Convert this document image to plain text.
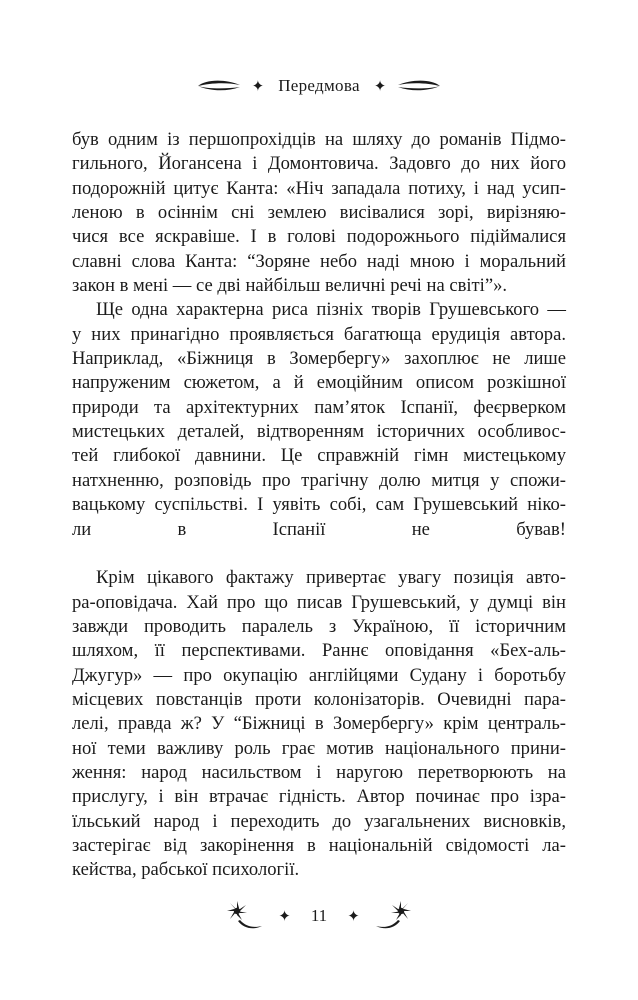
✦ Передмова ✦
був одним із першопрохідців на шляху до романів Підмо-
гильного, Йогансена і Домонтовича. Задовго до них його
подорожній цитує Канта: «Ніч западала потиху, і над усип-
леною в осіннім сні землею висівалися зорі, вирізняю-
чися все яскравіше. І в голові подорожнього підіймалися
славні слова Канта: “Зоряне небо наді мною і моральний
закон в мені — се дві найбільш величні речі на світі”».
Ще одна характерна риса пізніх творів Грушевського —
у них принагідно проявляється багатюща ерудиція автора.
Наприклад, «Біжниця в Зомербергу» захоплює не лише
напруженим сюжетом, а й емоційним описом розкішної
природи та архітектурних пам’яток Іспанії, феєрверком
мистецьких деталей, відтворенням історичних особливос-
тей глибокої давнини. Це справжній гімн мистецькому
натхненню, розповідь про трагічну долю митця у спожи-
вацькому суспільстві. І уявіть собі, сам Грушевський ніко-
ли в Іспанії не бував!
Крім цікавого фактажу привертає увагу позиція авто-
ра-оповідача. Хай про що писав Грушевський, у думці він
завжди проводить паралель з Україною, її історичним
шляхом, її перспективами. Раннє оповідання «Бех-аль-
Джугур» — про окупацію англійцями Судану і боротьбу
місцевих повстанців проти колонізаторів. Очевидні пара-
лелі, правда ж? У “Біжниці в Зомербергу» крім централь-
ної теми важливу роль грає мотив національного прини-
ження: народ насильством і наругою перетворюють на
прислугу, і він втрачає гідність. Автор починає про ізра-
їльський народ і переходить до узагальнених висновків,
застерігає від закорінення в національній свідомості ла-
кейства, рабської психології.
✦	11	✦
